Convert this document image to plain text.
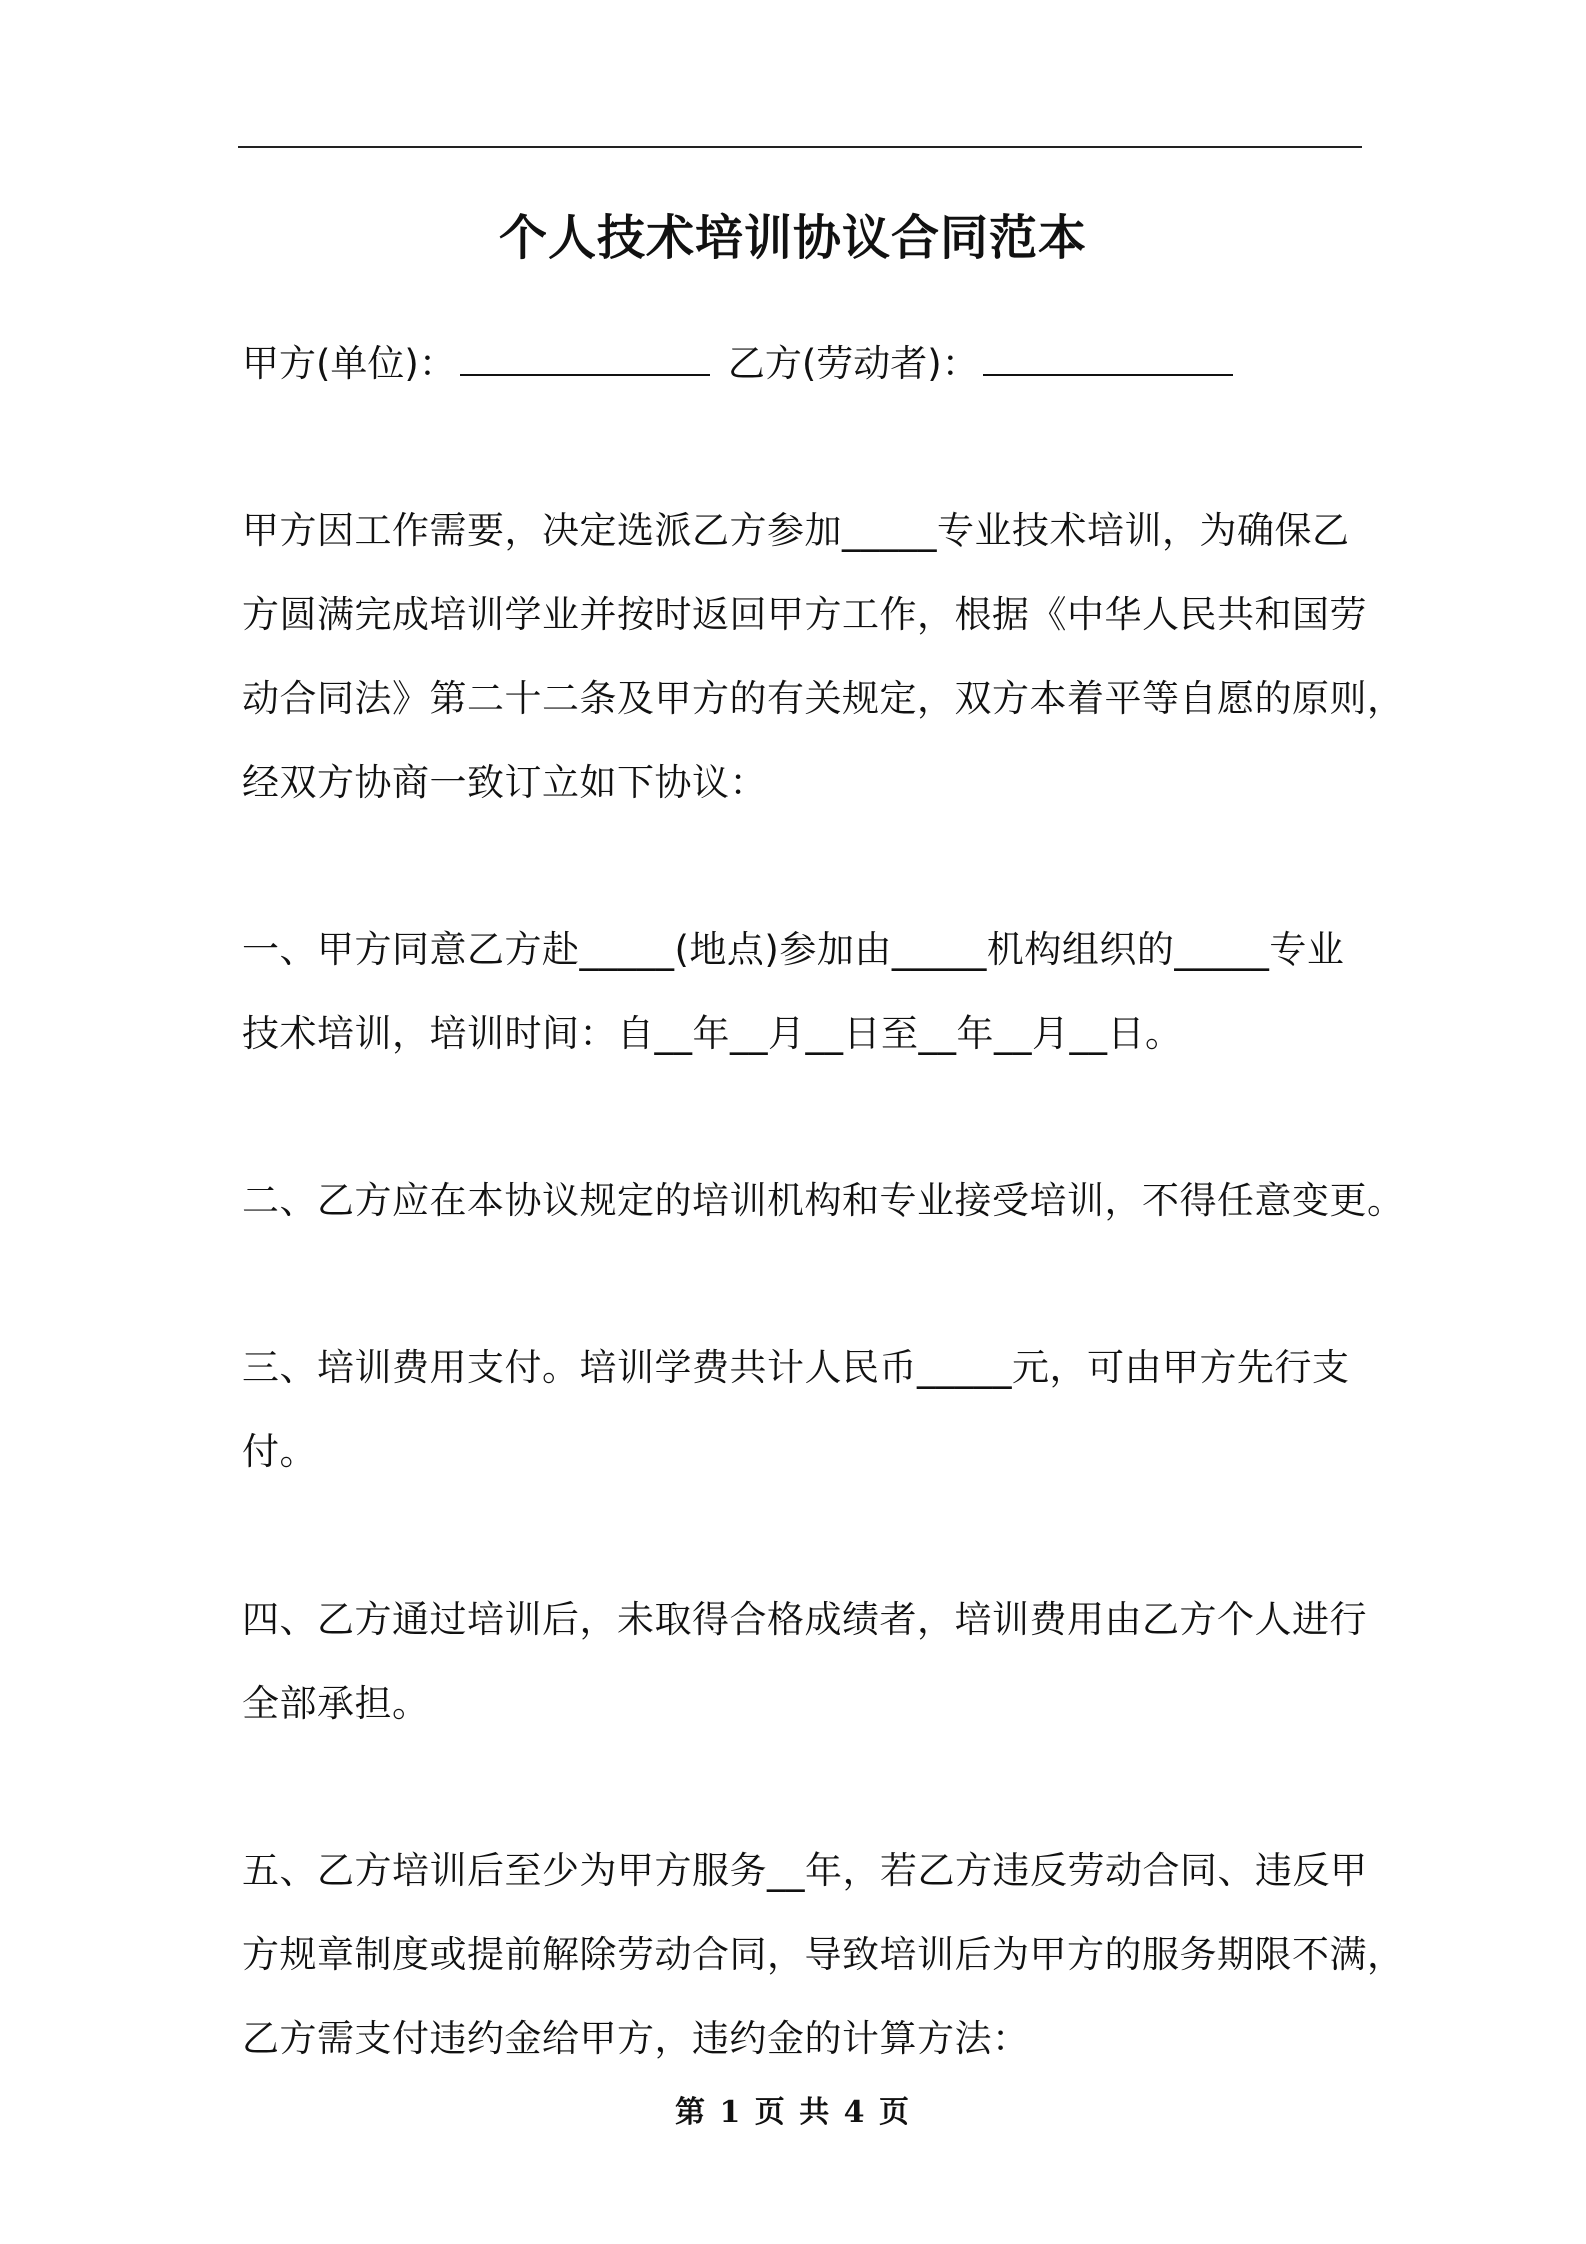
个人技术培训协议合同范本
甲方(单位)：	乙方(劳动者)：
甲方因工作需要，决定选派乙方参加_____专业技术培训，为确保乙
方圆满完成培训学业并按时返回甲方工作，根据《中华人民共和国劳
动合同法》第二十二条及甲方的有关规定，双方本着平等自愿的原则，
经双方协商一致订立如下协议：
一、甲方同意乙方赴_____(地点)参加由_____机构组织的_____专业
技术培训，培训时间：自__年__月__日至__年__月__日。
二、乙方应在本协议规定的培训机构和专业接受培训，不得任意变更。
三、培训费用支付。培训学费共计人民币_____元，可由甲方先行支
付。
四、乙方通过培训后，未取得合格成绩者，培训费用由乙方个人进行
全部承担。
五、乙方培训后至少为甲方服务__年，若乙方违反劳动合同、违反甲
方规章制度或提前解除劳动合同，导致培训后为甲方的服务期限不满，
乙方需支付违约金给甲方，违约金的计算方法：
第 1 页 共 4 页
